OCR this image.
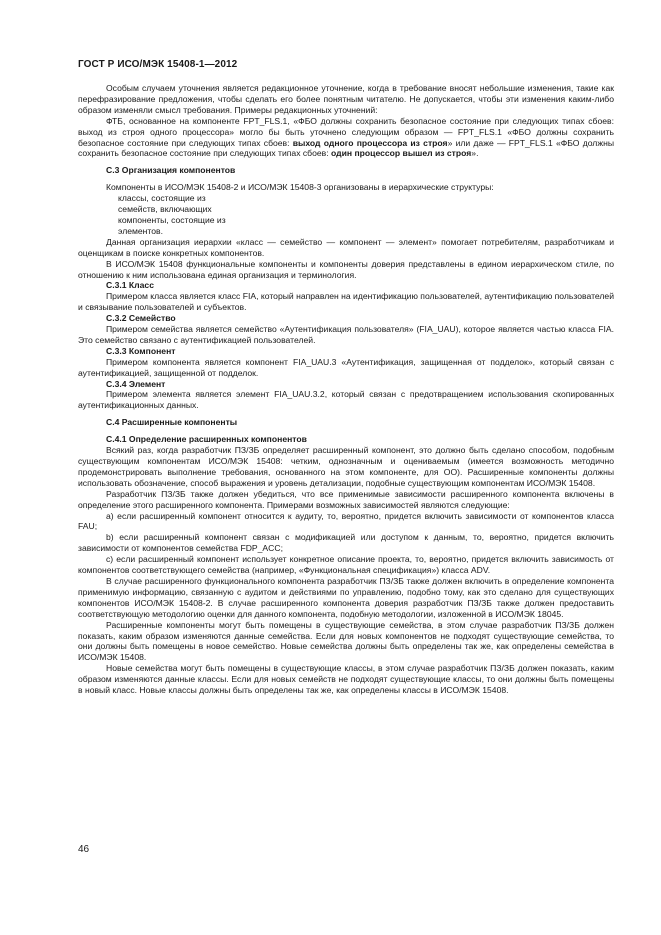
ГОСТ Р ИСО/МЭК 15408-1—2012

Особым случаем уточнения является редакционное уточнение, когда в требование вносят небольшие изменения, такие как перефразирование предложения, чтобы сделать его более понятным читателю. Не допускается, чтобы эти изменения каким-либо образом изменяли смысл требования. Примеры редакционных уточнений:

ФТБ, основанное на компоненте FPT_FLS.1, «ФБО должны сохранить безопасное состояние при следующих типах сбоев: выход из строя одного процессора» могло бы быть уточнено следующим образом — FPT_FLS.1 «ФБО должны сохранить безопасное состояние при следующих типах сбоев: выход одного процессора из строя» или даже — FPT_FLS.1 «ФБО должны сохранить безопасное состояние при следующих типах сбоев: один процессор вышел из строя».

С.3 Организация компонентов

Компоненты в ИСО/МЭК 15408-2 и ИСО/МЭК 15408-3 организованы в иерархические структуры:

классы, состоящие из
семейств, включающих
компоненты, состоящие из
элементов.

Данная организация иерархии «класс — семейство — компонент — элемент» помогает потребителям, разработчикам и оценщикам в поиске конкретных компонентов.

В ИСО/МЭК 15408 функциональные компоненты и компоненты доверия представлены в едином иерархическом стиле, по отношению к ним использована единая организация и терминология.

С.3.1 Класс

Примером класса является класс FIA, который направлен на идентификацию пользователей, аутентификацию пользователей и связывание пользователей и субъектов.

С.3.2 Семейство

Примером семейства является семейство «Аутентификация пользователя» (FIA_UAU), которое является частью класса FIA. Это семейство связано с аутентификацией пользователей.

С.3.3 Компонент

Примером компонента является компонент FIA_UAU.3 «Аутентификация, защищенная от подделок», который связан с аутентификацией, защищенной от подделок.

С.3.4 Элемент

Примером элемента является элемент FIA_UAU.3.2, который связан с предотвращением использования скопированных аутентификационных данных.

С.4 Расширенные компоненты

С.4.1 Определение расширенных компонентов

Всякий раз, когда разработчик ПЗ/ЗБ определяет расширенный компонент, это должно быть сделано способом, подобным существующим компонентам ИСО/МЭК 15408: четким, однозначным и оцениваемым (имеется возможность методично продемонстрировать выполнение требования, основанного на этом компоненте, для ОО). Расширенные компоненты должны использовать обозначение, способ выражения и уровень детализации, подобные существующим компонентам ИСО/МЭК 15408.

Разработчик ПЗ/ЗБ также должен убедиться, что все применимые зависимости расширенного компонента включены в определение этого расширенного компонента. Примерами возможных зависимостей являются следующие:

а) если расширенный компонент относится к аудиту, то, вероятно, придется включить зависимости от компонентов класса FAU;

b) если расширенный компонент связан с модификацией или доступом к данным, то, вероятно, придется включить зависимости от компонентов семейства FDP_ACC;

с) если расширенный компонент использует конкретное описание проекта, то, вероятно, придется включить зависимость от компонентов соответствующего семейства (например, «Функциональная спецификация») класса ADV.

В случае расширенного функционального компонента разработчик ПЗ/ЗБ также должен включить в определение компонента применимую информацию, связанную с аудитом и действиями по управлению, подобно тому, как это сделано для существующих компонентов ИСО/МЭК 15408-2. В случае расширенного компонента доверия разработчик ПЗ/ЗБ также должен предоставить соответствующую методологию оценки для данного компонента, подобную методологии, изложенной в ИСО/МЭК 18045.

Расширенные компоненты могут быть помещены в существующие семейства, в этом случае разработчик ПЗ/ЗБ должен показать, каким образом изменяются данные семейства. Если для новых компонентов не подходят существующие семейства, то они должны быть помещены в новое семейство. Новые семейства должны быть определены так же, как определены семейства в ИСО/МЭК 15408.

Новые семейства могут быть помещены в существующие классы, в этом случае разработчик ПЗ/ЗБ должен показать, каким образом изменяются данные классы. Если для новых семейств не подходят существующие классы, то они должны быть помещены в новый класс. Новые классы должны быть определены так же, как определены классы в ИСО/МЭК 15408.

46
